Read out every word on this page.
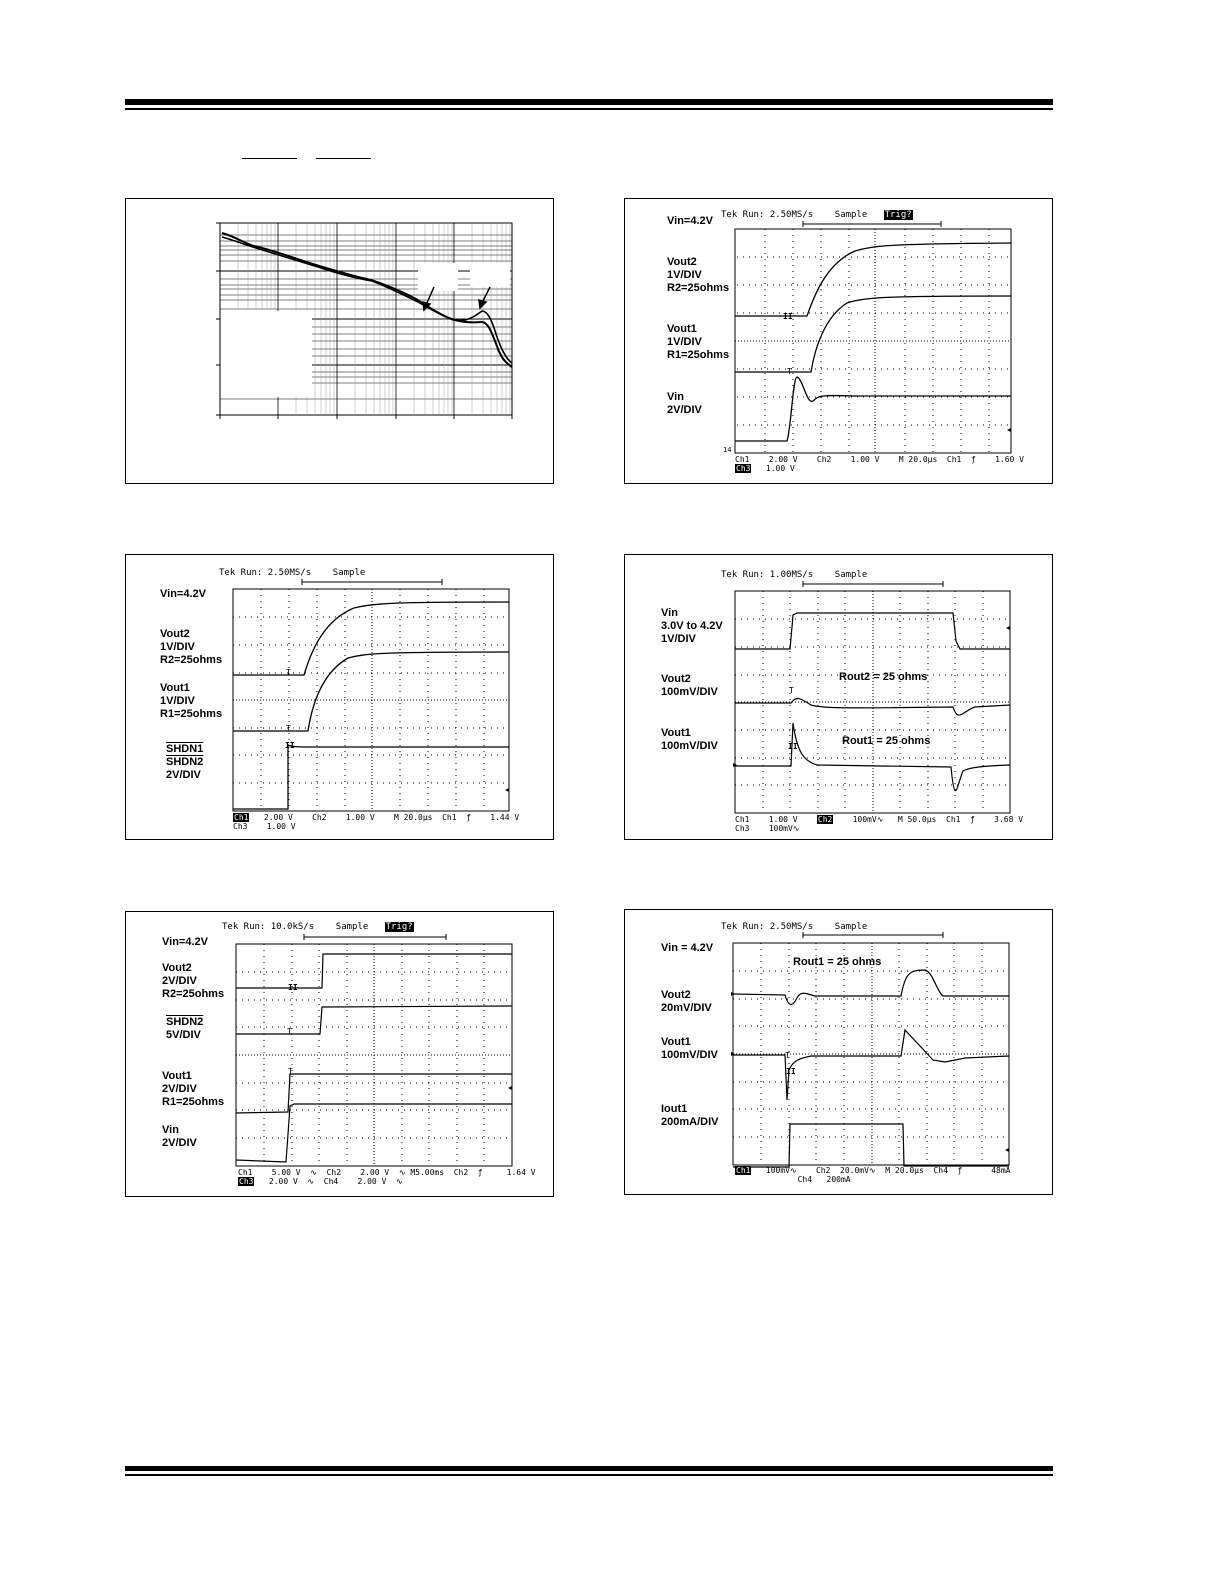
II
T
14
Tek Run: 2.50MS/s    Sample Trig?
Vin=4.2V
Vout2
1V/DIV
R2=25ohms
Vout1
1V/DIV
R1=25ohms
Vin
2V/DIV
Ch1    2.00 V    Ch2    1.00 V    M 20.0µs  Ch1  ƒ    1.60 V
Ch3   1.00 V
T
T
II
Tek Run: 2.50MS/s    Sample
Vin=4.2V
Vout2
1V/DIV
R2=25ohms
Vout1
1V/DIV
R1=25ohms
SHDN1
SHDN2
2V/DIV
Ch1   2.00 V    Ch2    1.00 V    M 20.0µs  Ch1  ƒ    1.44 V
Ch3    1.00 V
T
II
Tek Run: 1.00MS/s    Sample
Vin
3.0V to 4.2V
1V/DIV
Vout2
100mV/DIV
Vout1
100mV/DIV
Rout2 = 25 ohms
Rout1 = 25 ohms
Ch1    1.00 V    Ch2    100mV∿   M 50.0µs  Ch1  ƒ    3.68 V
Ch3    100mV∿
II
T
T
Tek Run: 10.0kS/s    Sample Trig?
Vin=4.2V
Vout2
2V/DIV
R2=25ohms
SHDN2
5V/DIV
Vout1
2V/DIV
R1=25ohms
Vin
2V/DIV
Ch1    5.00 V  ∿  Ch2    2.00 V  ∿ M5.00ms  Ch2  ƒ     1.64 V
Ch3   2.00 V  ∿  Ch4    2.00 V  ∿
II
T
Tek Run: 2.50MS/s    Sample
Vin = 4.2V
Rout1 = 25 ohms
Vout2
20mV/DIV
Vout1
100mV/DIV
Iout1
200mA/DIV
Ch1   100mV∿    Ch2  20.0mV∿  M 20.0µs  Ch4  ƒ      48mA
Ch4   200mA
